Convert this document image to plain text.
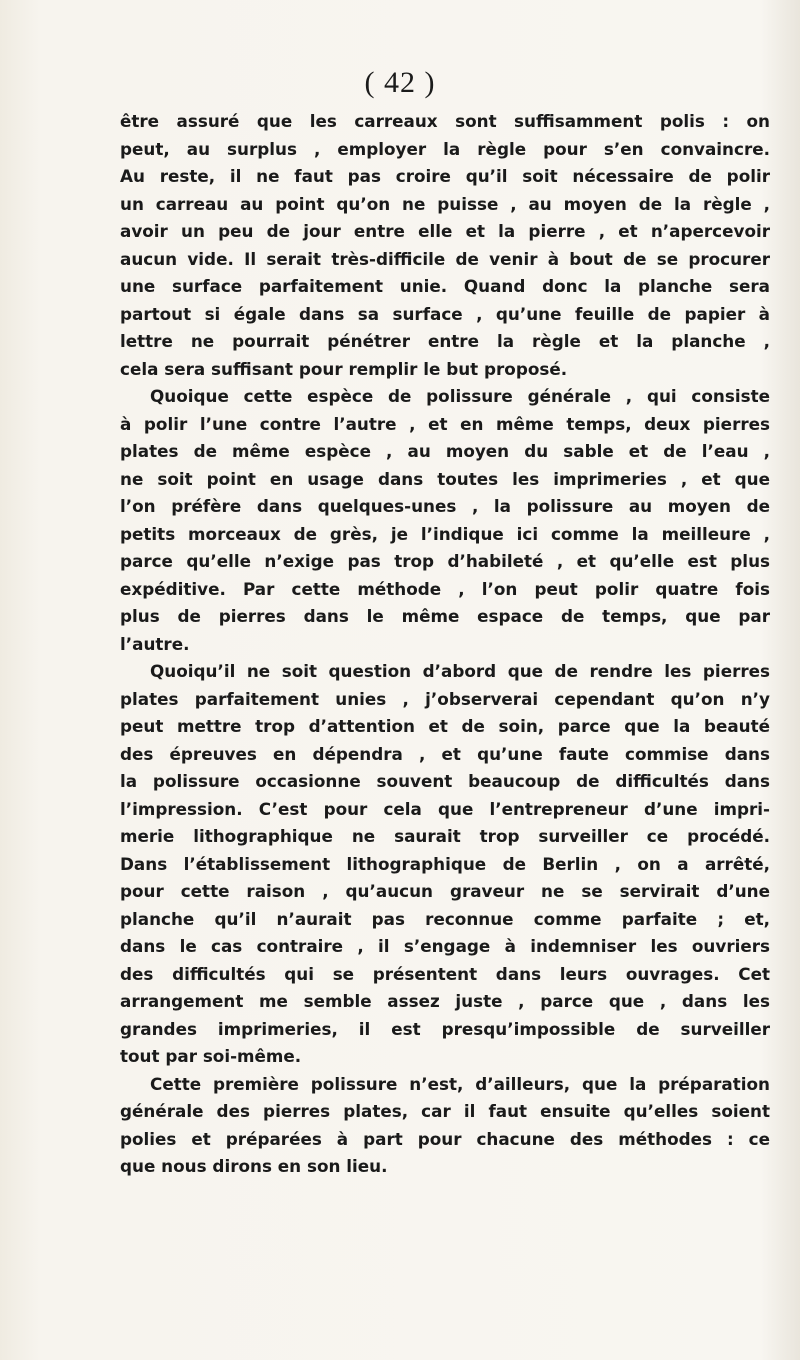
( 42 )
être assuré que les carreaux sont suffisamment polis : on
peut, au surplus , employer la règle pour s’en convaincre.
Au reste, il ne faut pas croire qu’il soit nécessaire de polir
un carreau au point qu’on ne puisse , au moyen de la règle ,
avoir un peu de jour entre elle et la pierre , et n’apercevoir
aucun vide. Il serait très-difficile de venir à bout de se procurer
une surface parfaitement unie. Quand donc la planche sera
partout si égale dans sa surface , qu’une feuille de papier à
lettre ne pourrait pénétrer entre la règle et la planche ,
cela sera suffisant pour remplir le but proposé.
Quoique cette espèce de polissure générale , qui consiste
à polir l’une contre l’autre , et en même temps, deux pierres
plates de même espèce , au moyen du sable et de l’eau ,
ne soit point en usage dans toutes les imprimeries , et que
l’on préfère dans quelques-unes , la polissure au moyen de
petits morceaux de grès, je l’indique ici comme la meilleure ,
parce qu’elle n’exige pas trop d’habileté , et qu’elle est plus
expéditive. Par cette méthode , l’on peut polir quatre fois
plus de pierres dans le même espace de temps, que par
l’autre.
Quoiqu’il ne soit question d’abord que de rendre les pierres
plates parfaitement unies , j’observerai cependant qu’on n’y
peut mettre trop d’attention et de soin, parce que la beauté
des épreuves en dépendra , et qu’une faute commise dans
la polissure occasionne souvent beaucoup de difficultés dans
l’impression. C’est pour cela que l’entrepreneur d’une impri-
merie lithographique ne saurait trop surveiller ce procédé.
Dans l’établissement lithographique de Berlin , on a arrêté,
pour cette raison , qu’aucun graveur ne se servirait d’une
planche qu’il n’aurait pas reconnue comme parfaite ; et,
dans le cas contraire , il s’engage à indemniser les ouvriers
des difficultés qui se présentent dans leurs ouvrages. Cet
arrangement me semble assez juste , parce que , dans les
grandes imprimeries, il est presqu’impossible de surveiller
tout par soi-même.
Cette première polissure n’est, d’ailleurs, que la préparation
générale des pierres plates, car il faut ensuite qu’elles soient
polies et préparées à part pour chacune des méthodes : ce
que nous dirons en son lieu.
